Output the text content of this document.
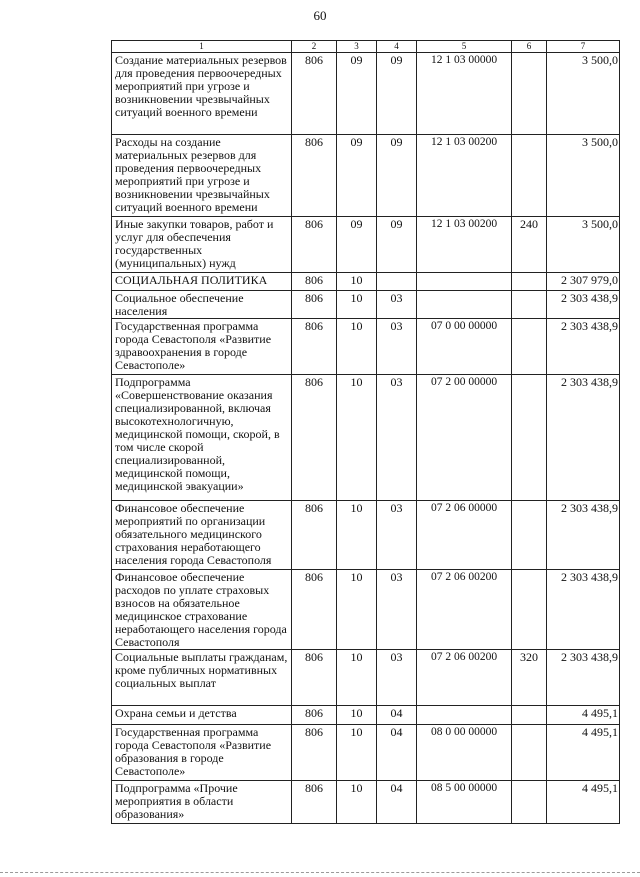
60
1	2	3	4	5	6	7
Создание материальных резервов для проведения первоочередных мероприятий при угрозе и возникновении чрезвычайных ситуаций военного времени	806	09	09	12 1 03 00000		3 500,0
Расходы на создание материальных резервов для проведения первоочередных мероприятий при угрозе и возникновении чрезвычайных ситуаций военного времени	806	09	09	12 1 03 00200		3 500,0
Иные закупки товаров, работ и услуг для обеспечения государственных (муниципальных) нужд	806	09	09	12 1 03 00200	240	3 500,0
СОЦИАЛЬНАЯ ПОЛИТИКА	806	10				2 307 979,0
Социальное обеспечение населения	806	10	03			2 303 438,9
Государственная программа города Севастополя «Развитие здравоохранения в городе Севастополе»	806	10	03	07 0 00 00000		2 303 438,9
Подпрограмма «Совершенствование оказания специализированной, включая высокотехнологичную, медицинской помощи, скорой, в том числе скорой специализированной, медицинской помощи, медицинской эвакуации»	806	10	03	07 2 00 00000		2 303 438,9
Финансовое обеспечение мероприятий по организации обязательного медицинского страхования неработающего населения города Севастополя	806	10	03	07 2 06 00000		2 303 438,9
Финансовое обеспечение расходов по уплате страховых взносов на обязательное медицинское страхование неработающего населения города Севастополя	806	10	03	07 2 06 00200		2 303 438,9
Социальные выплаты гражданам, кроме публичных нормативных социальных выплат	806	10	03	07 2 06 00200	320	2 303 438,9
Охрана семьи и детства	806	10	04			4 495,1
Государственная программа города Севастополя «Развитие образования в городе Севастополе»	806	10	04	08 0 00 00000		4 495,1
Подпрограмма «Прочие мероприятия в области образования»	806	10	04	08 5 00 00000		4 495,1
